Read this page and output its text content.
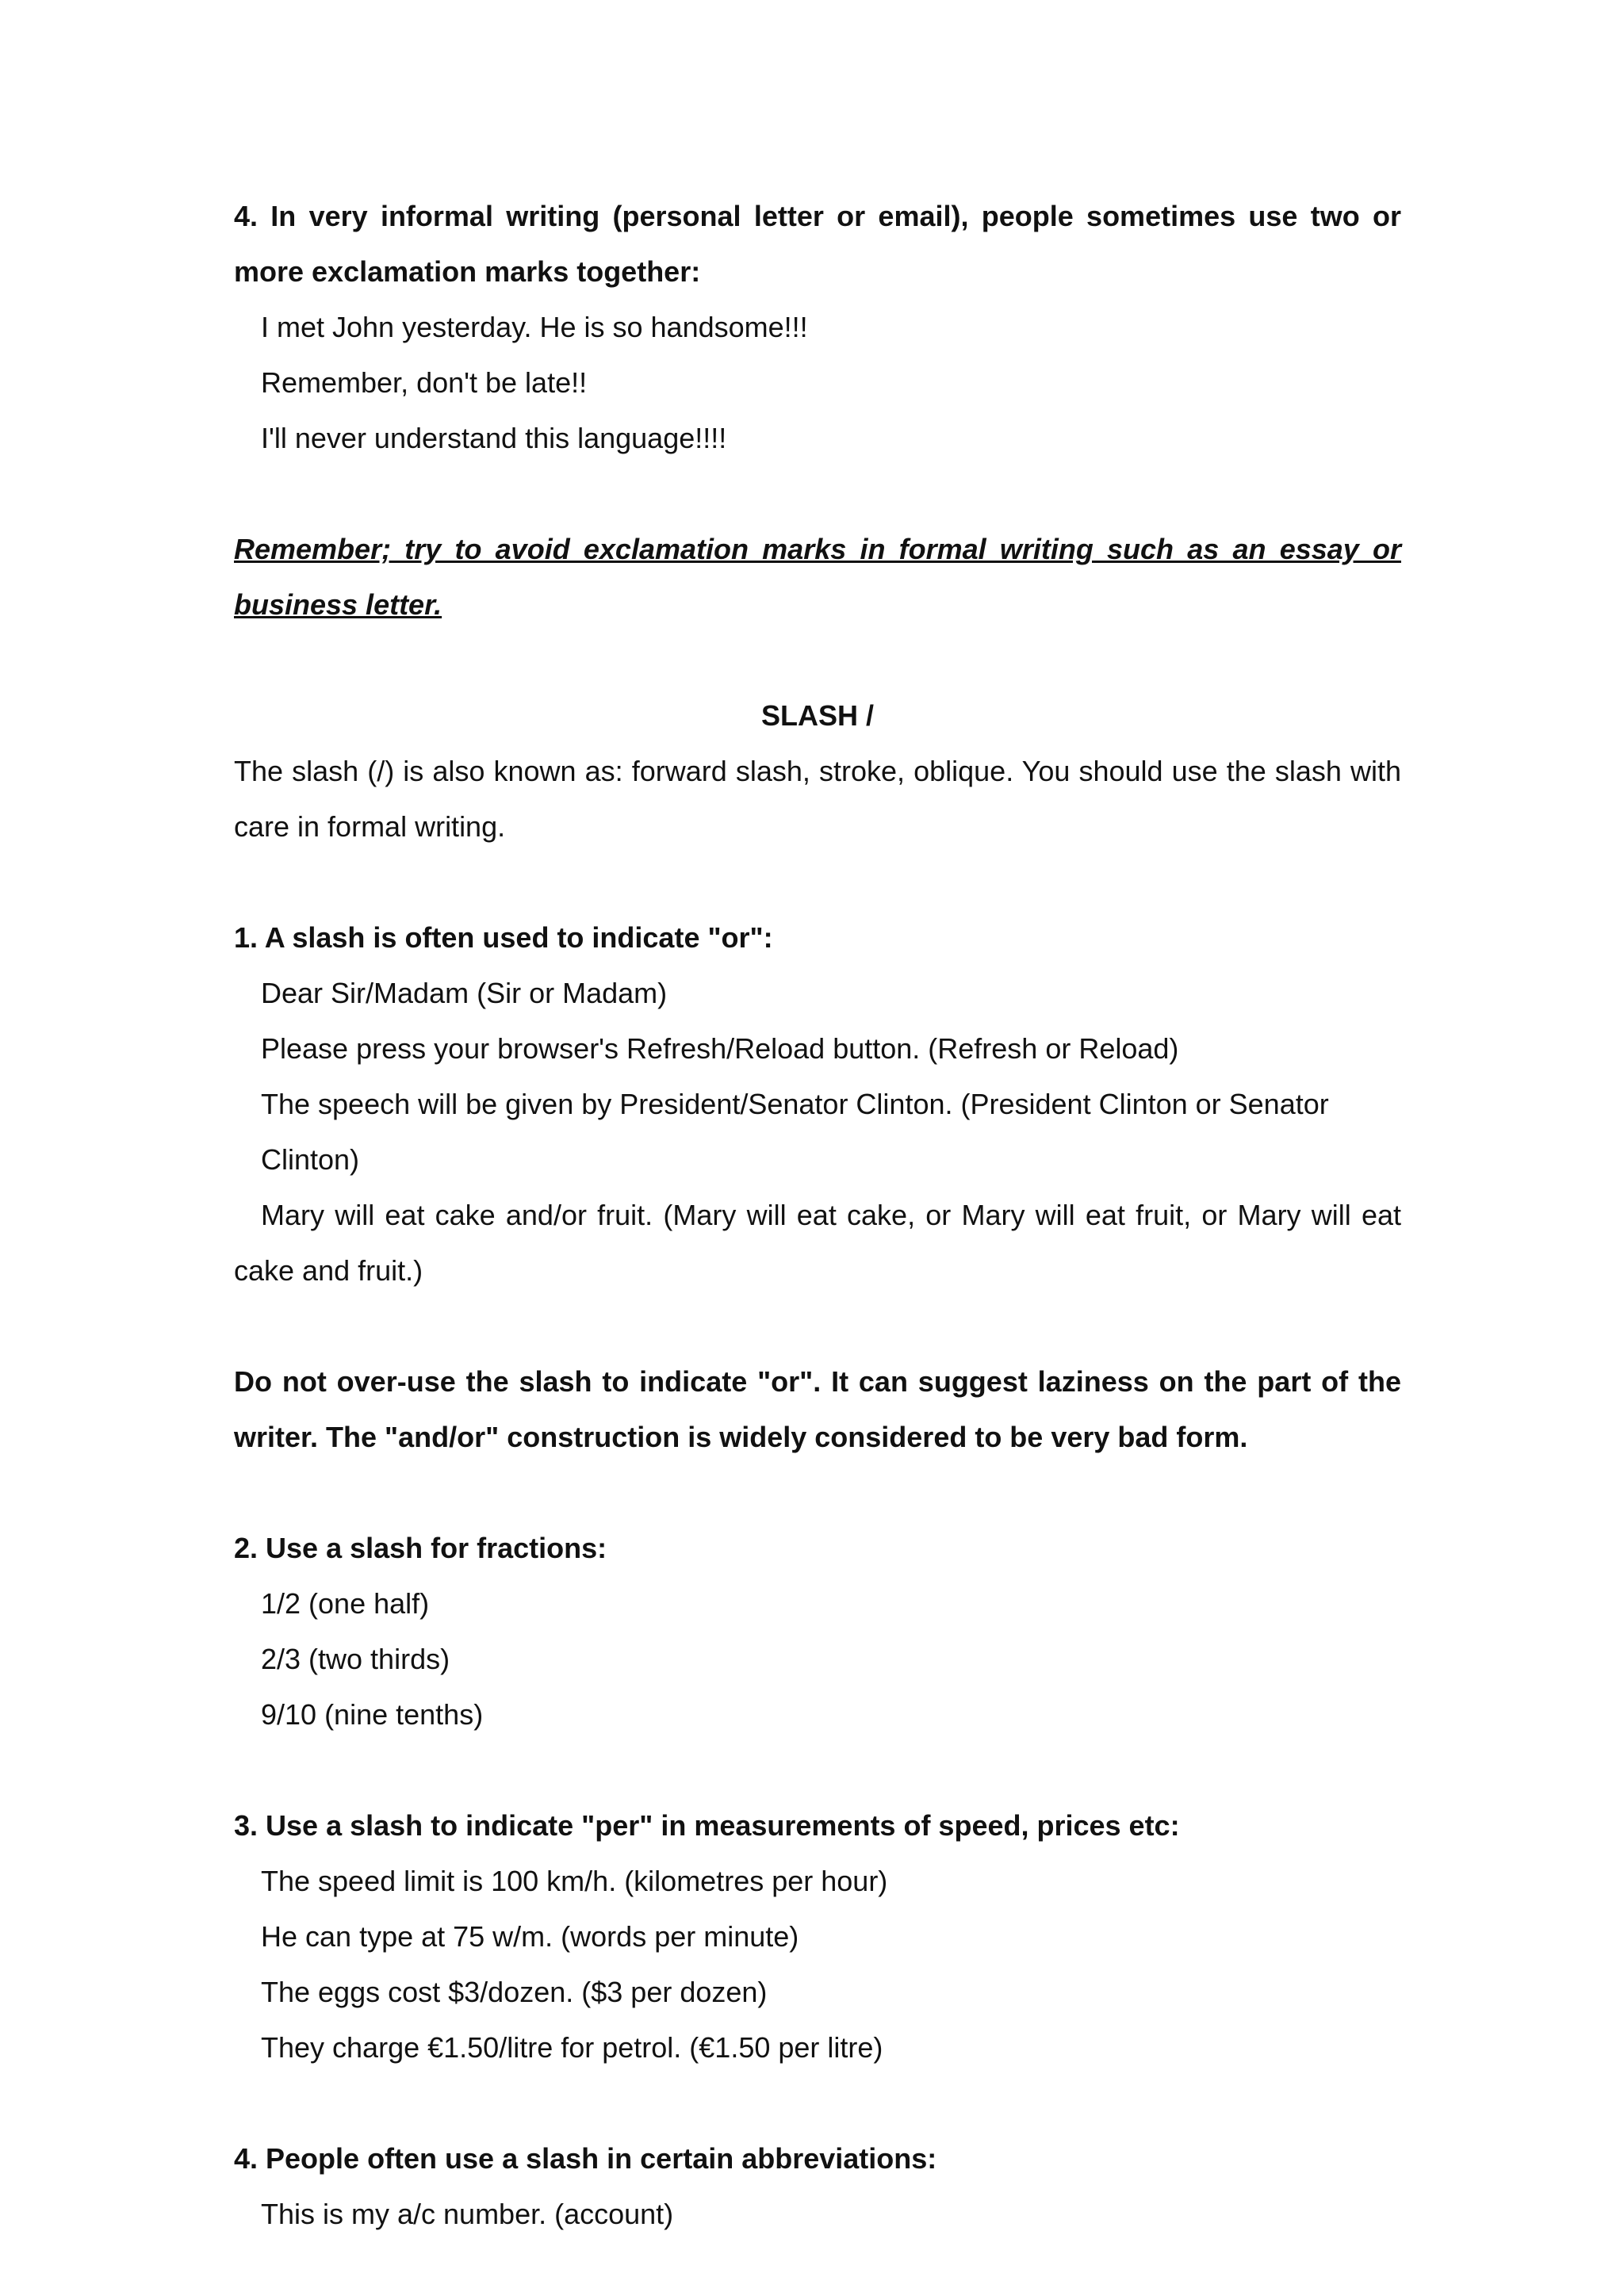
4. In very informal writing (personal letter or email), people sometimes use two or more exclamation marks together:

I met John yesterday. He is so handsome!!!

Remember, don't be late!!

I'll never understand this language!!!!

Remember; try to avoid exclamation marks in formal writing such as an essay or business letter.

SLASH /

The slash (/) is also known as: forward slash, stroke, oblique. You should use the slash with care in formal writing.

1. A slash is often used to indicate "or":

Dear Sir/Madam (Sir or Madam)

Please press your browser's Refresh/Reload button. (Refresh or Reload)

The speech will be given by President/Senator Clinton. (President Clinton or Senator Clinton)

Mary will eat cake and/or fruit. (Mary will eat cake, or Mary will eat fruit, or Mary will eat cake and fruit.)

Do not over-use the slash to indicate "or". It can suggest laziness on the part of the writer. The "and/or" construction is widely considered to be very bad form.

2. Use a slash for fractions:

1/2 (one half)

2/3 (two thirds)

9/10 (nine tenths)

3. Use a slash to indicate "per" in measurements of speed, prices etc:

The speed limit is 100 km/h. (kilometres per hour)

He can type at 75 w/m. (words per minute)

The eggs cost $3/dozen. ($3 per dozen)

They charge €1.50/litre for petrol. (€1.50 per litre)

4. People often use a slash in certain abbreviations:

This is my a/c number. (account)
